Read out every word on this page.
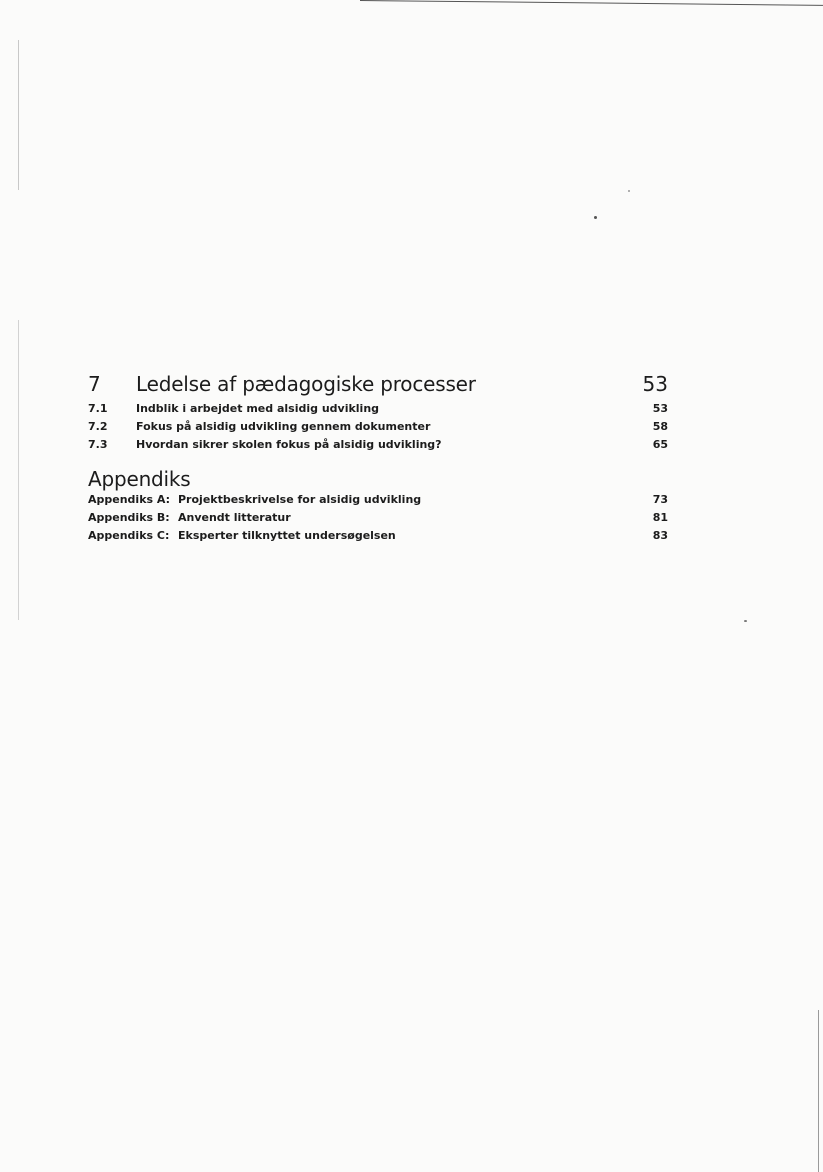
7	Ledelse af pædagogiske processer	53
7.1	Indblik i arbejdet med alsidig udvikling	53
7.2	Fokus på alsidig udvikling gennem dokumenter	58
7.3	Hvordan sikrer skolen fokus på alsidig udvikling?	65
Appendiks
Appendiks A: Projektbeskrivelse for alsidig udvikling	73
Appendiks B: Anvendt litteratur	81
Appendiks C: Eksperter tilknyttet undersøgelsen	83
